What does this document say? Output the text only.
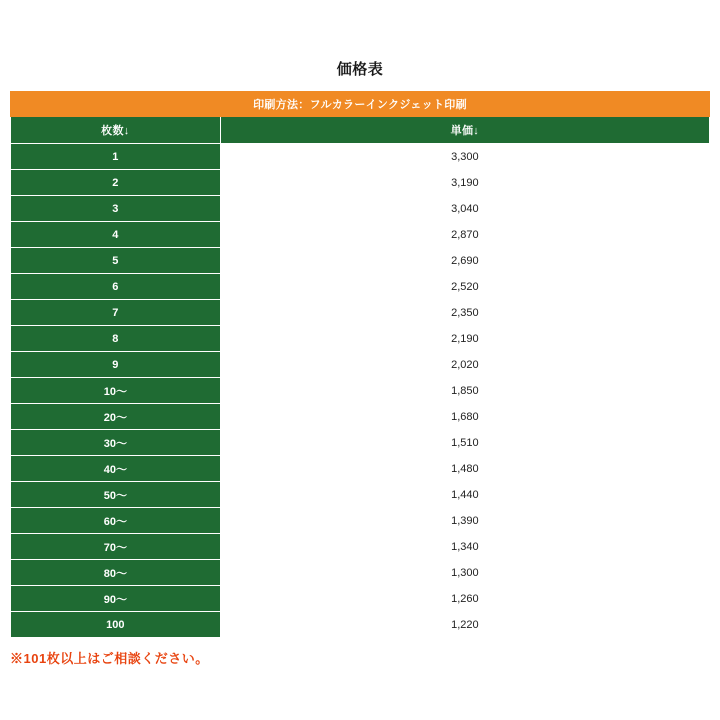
価格表
印刷方法：フルカラーインクジェット印刷	
枚数↓	単価↓
1	3,300
2	3,190
3	3,040
4	2,870
5	2,690
6	2,520
7	2,350
8	2,190
9	2,020
10〜	1,850
20〜	1,680
30〜	1,510
40〜	1,480
50〜	1,440
60〜	1,390
70〜	1,340
80〜	1,300
90〜	1,260
100	1,220
※101枚以上はご相談ください。
